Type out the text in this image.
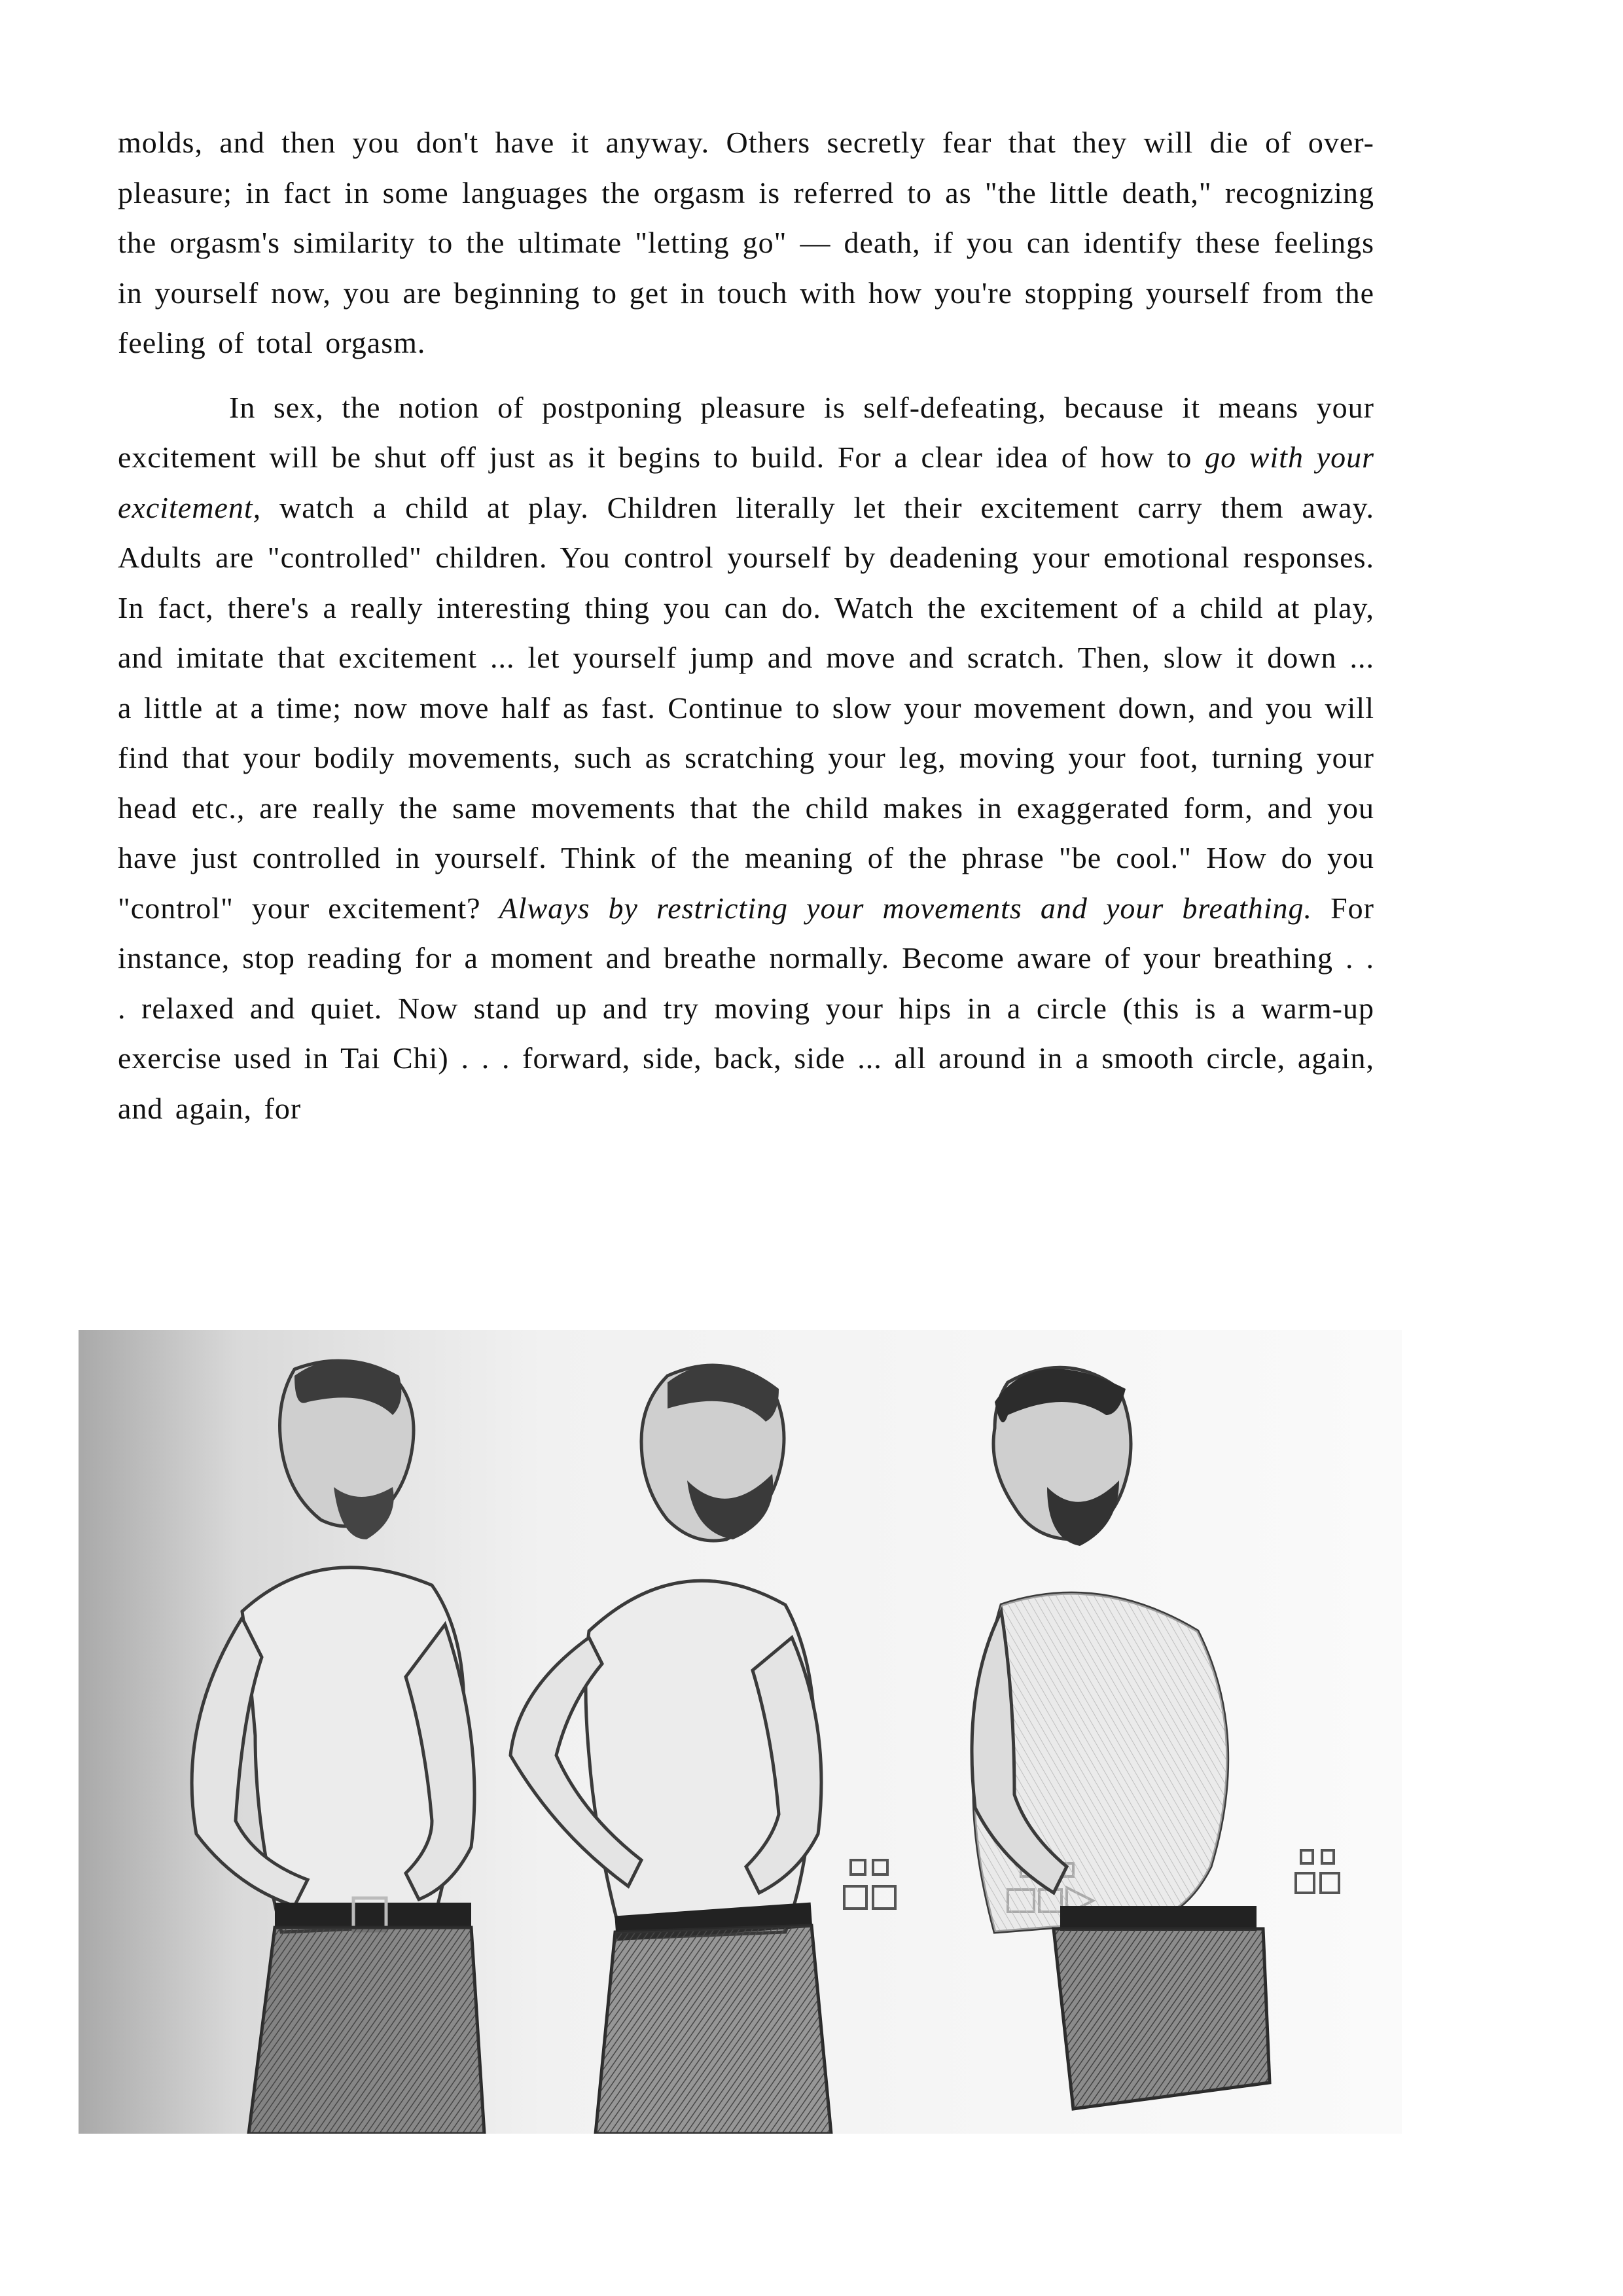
molds, and then you don't have it anyway. Others secretly fear that they will die of over-pleasure; in fact in some languages the orgasm is referred to as "the little death," recognizing the orgasm's similarity to the ultimate "letting go" — death, if you can identify these feelings in yourself now, you are beginning to get in touch with how you're stopping yourself from the feeling of total orgasm.

In sex, the notion of postponing pleasure is self-defeating, because it means your excitement will be shut off just as it begins to build. For a clear idea of how to go with your excitement, watch a child at play. Children literally let their excitement carry them away. Adults are "controlled" children. You control yourself by deadening your emotional responses. In fact, there's a really interesting thing you can do. Watch the excitement of a child at play, and imitate that excitement ... let yourself jump and move and scratch. Then, slow it down ... a little at a time; now move half as fast. Continue to slow your movement down, and you will find that your bodily movements, such as scratching your leg, moving your foot, turning your head etc., are really the same movements that the child makes in exaggerated form, and you have just controlled in yourself. Think of the meaning of the phrase "be cool." How do you "control" your excitement? Always by restricting your movements and your breathing. For instance, stop reading for a moment and breathe normally. Become aware of your breathing . . . relaxed and quiet. Now stand up and try moving your hips in a circle (this is a warm-up exercise used in Tai Chi) . . . forward, side, back, side ... all around in a smooth circle, again, and again, for
